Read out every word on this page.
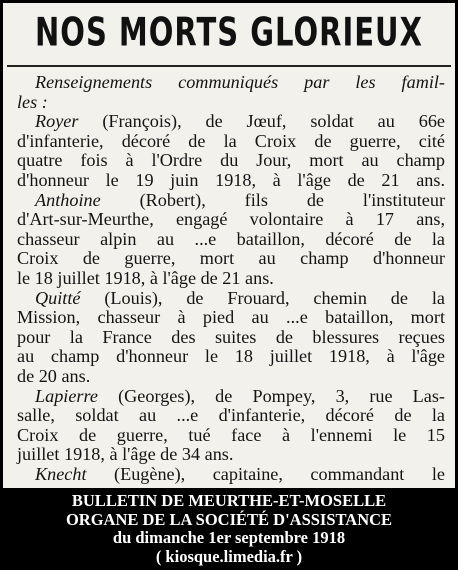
NOS MORTS GLORIEUX
Renseignements communiqués par les famil-
les :
Royer (François), de Jœuf, soldat au 66e
d'infanterie, décoré de la Croix de guerre, cité
quatre fois à l'Ordre du Jour, mort au champ
d'honneur le 19 juin 1918, à l'âge de 21 ans.
Anthoine (Robert), fils de l'instituteur
d'Art-sur-Meurthe, engagé volontaire à 17 ans,
chasseur alpin au ...e bataillon, décoré de la
Croix de guerre, mort au champ d'honneur
le 18 juillet 1918, à l'âge de 21 ans.
Quitté (Louis), de Frouard, chemin de la
Mission, chasseur à pied au ...e bataillon, mort
pour la France des suites de blessures reçues
au champ d'honneur le 18 juillet 1918, à l'âge
de 20 ans.
Lapierre (Georges), de Pompey, 3, rue Las-
salle, soldat au ...e d'infanterie, décoré de la
Croix de guerre, tué face à l'ennemi le 15
juillet 1918, à l'âge de 34 ans.
Knecht (Eugène), capitaine, commandant le
BULLETIN DE MEURTHE-ET-MOSELLE
ORGANE DE LA SOCIÉTÉ D'ASSISTANCE
du dimanche 1er septembre 1918
( kiosque.limedia.fr )
